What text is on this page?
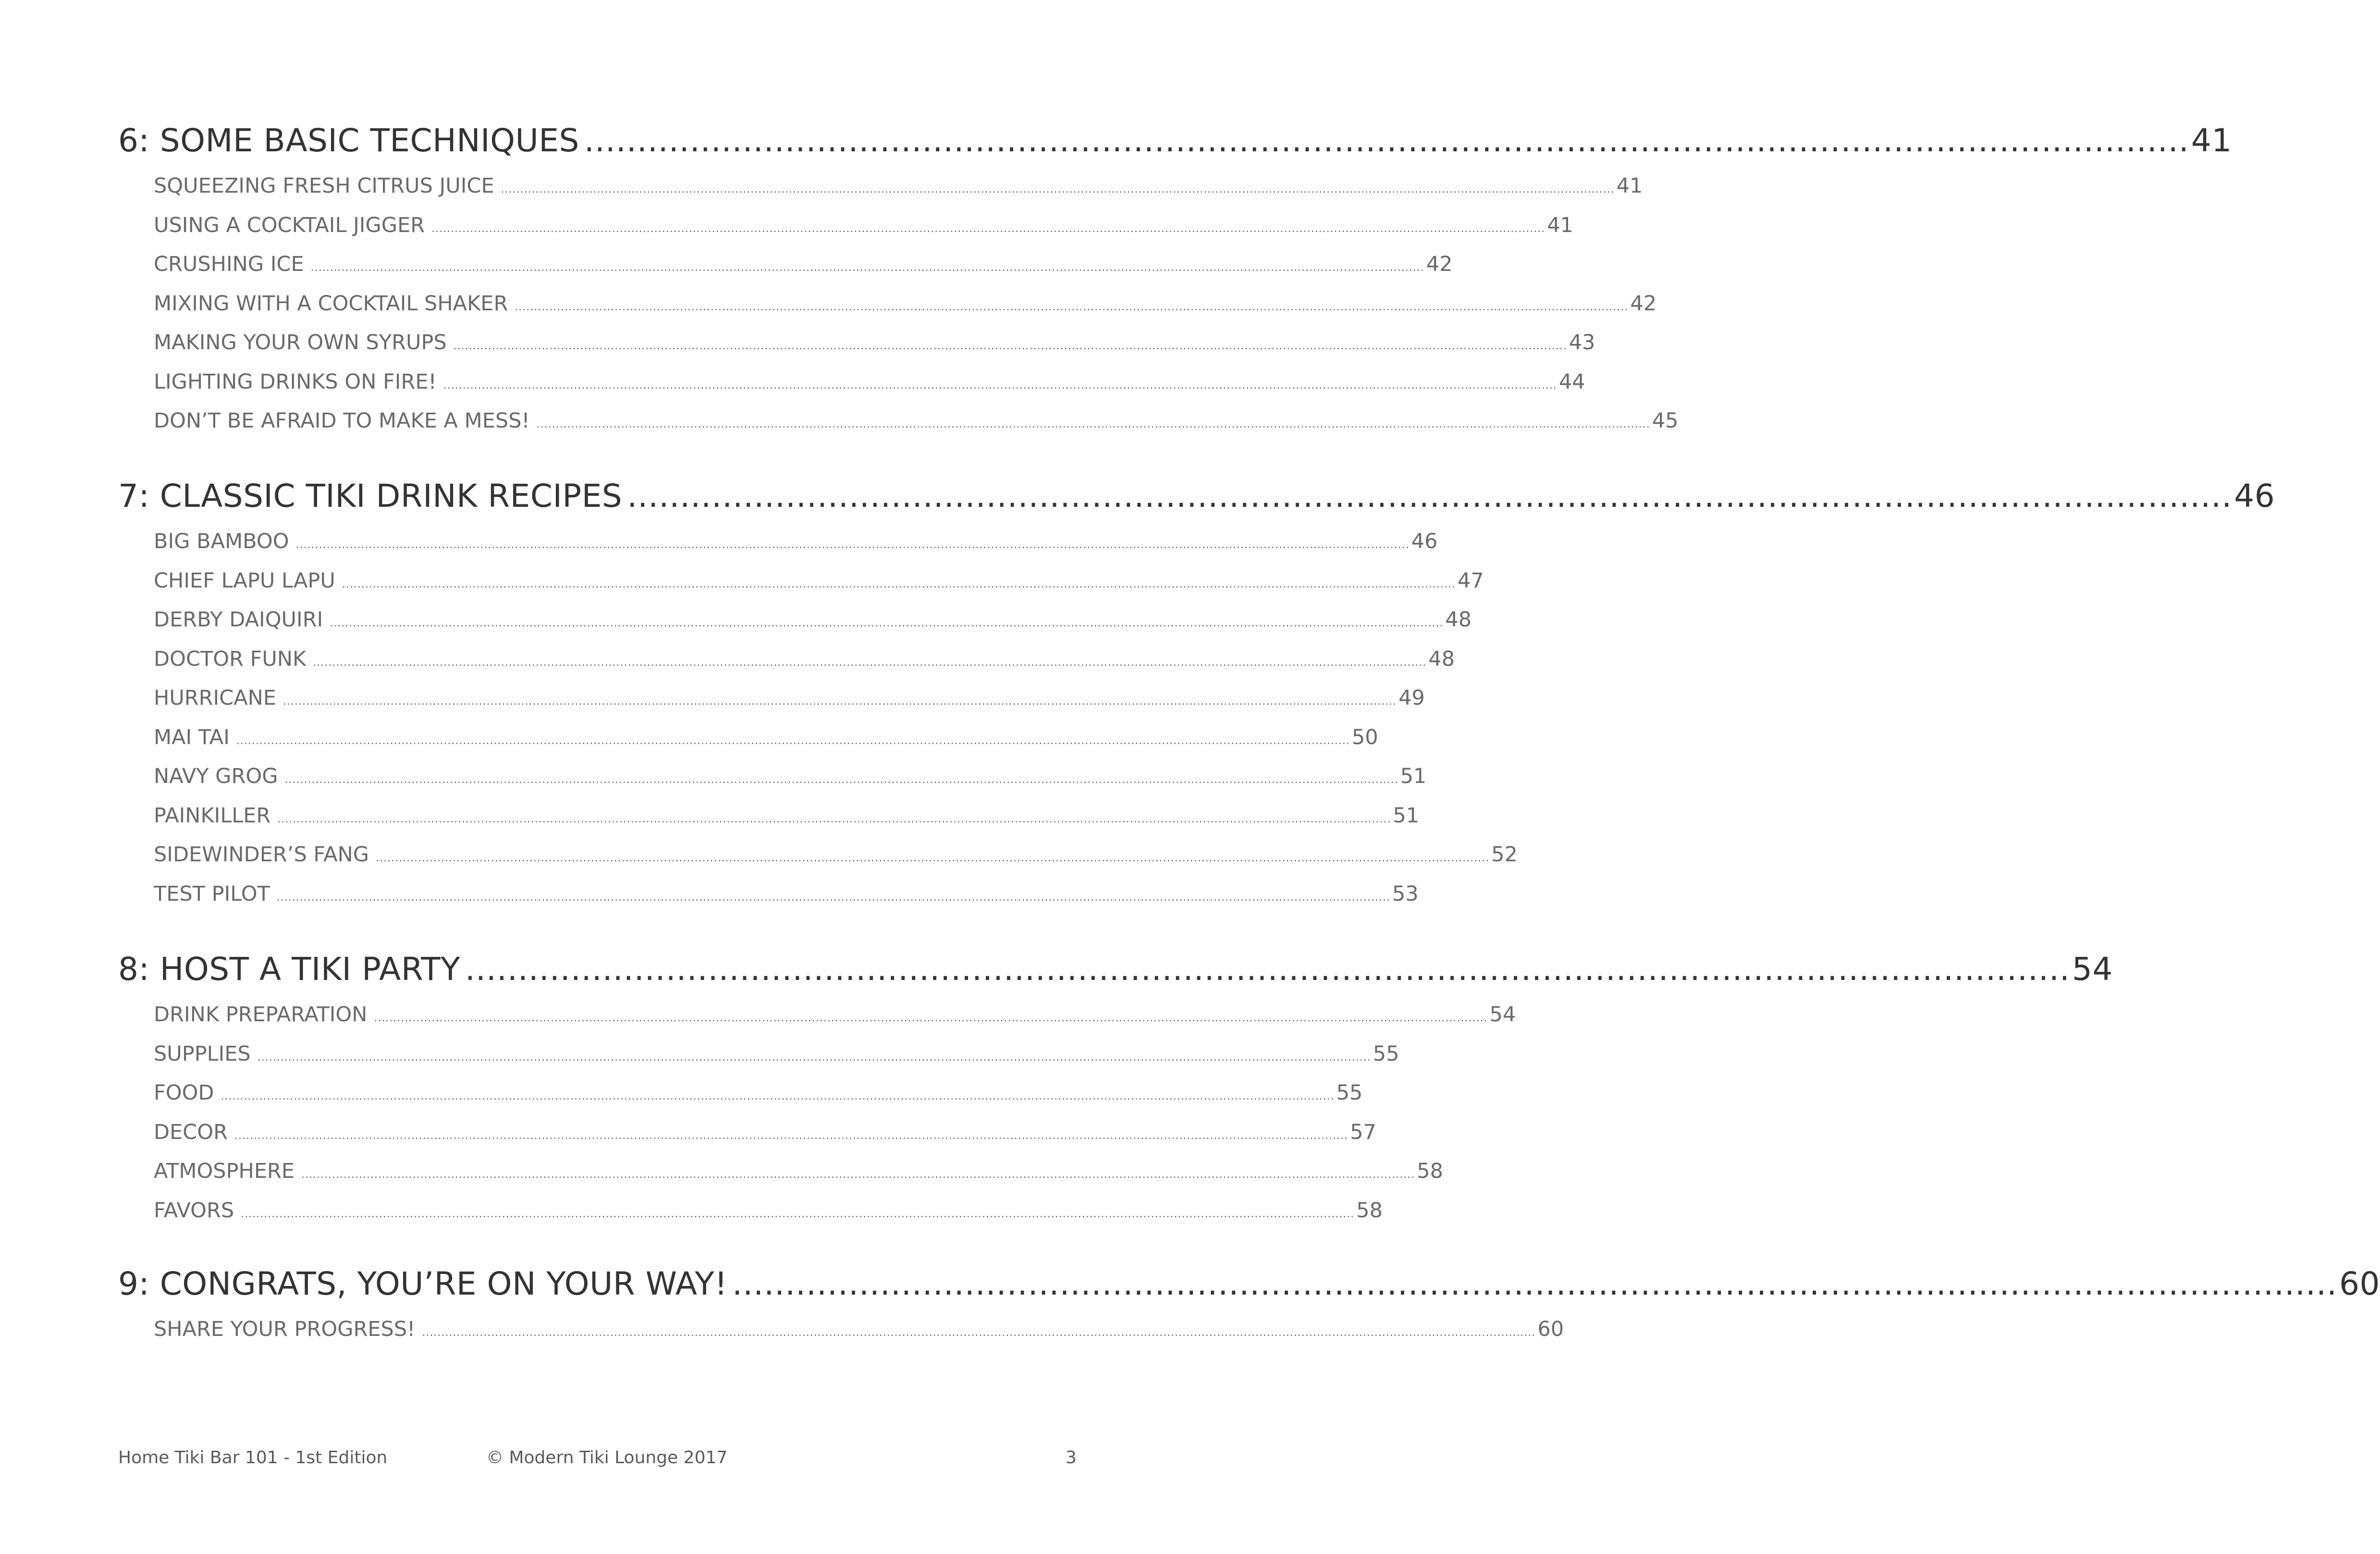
6: SOME BASIC TECHNIQUES ........................................................................................................................................................ 41
SQUEEZING FRESH CITRUS JUICE .................................................................................................................................................................................................................................................................................................. 41
USING A COCKTAIL JIGGER .................................................................................................................................................................................................................................................................................................. 41
CRUSHING ICE .................................................................................................................................................................................................................................................................................................. 42
MIXING WITH A COCKTAIL SHAKER .................................................................................................................................................................................................................................................................................................. 42
MAKING YOUR OWN SYRUPS .................................................................................................................................................................................................................................................................................................. 43
LIGHTING DRINKS ON FIRE! .................................................................................................................................................................................................................................................................................................. 44
DON’T BE AFRAID TO MAKE A MESS! .................................................................................................................................................................................................................................................................................................. 45
7: CLASSIC TIKI DRINK RECIPES ........................................................................................................................................................ 46
BIG BAMBOO .................................................................................................................................................................................................................................................................................................. 46
CHIEF LAPU LAPU .................................................................................................................................................................................................................................................................................................. 47
DERBY DAIQUIRI .................................................................................................................................................................................................................................................................................................. 48
DOCTOR FUNK .................................................................................................................................................................................................................................................................................................. 48
HURRICANE .................................................................................................................................................................................................................................................................................................. 49
MAI TAI .................................................................................................................................................................................................................................................................................................. 50
NAVY GROG .................................................................................................................................................................................................................................................................................................. 51
PAINKILLER .................................................................................................................................................................................................................................................................................................. 51
SIDEWINDER’S FANG .................................................................................................................................................................................................................................................................................................. 52
TEST PILOT .................................................................................................................................................................................................................................................................................................. 53
8: HOST A TIKI PARTY ........................................................................................................................................................ 54
DRINK PREPARATION .................................................................................................................................................................................................................................................................................................. 54
SUPPLIES .................................................................................................................................................................................................................................................................................................. 55
FOOD .................................................................................................................................................................................................................................................................................................. 55
DECOR .................................................................................................................................................................................................................................................................................................. 57
ATMOSPHERE .................................................................................................................................................................................................................................................................................................. 58
FAVORS .................................................................................................................................................................................................................................................................................................. 58
9: CONGRATS, YOU’RE ON YOUR WAY! ........................................................................................................................................................ 60
SHARE YOUR PROGRESS! .................................................................................................................................................................................................................................................................................................. 60
Home Tiki Bar 101 - 1st Edition	© Modern Tiki Lounge 2017	3
